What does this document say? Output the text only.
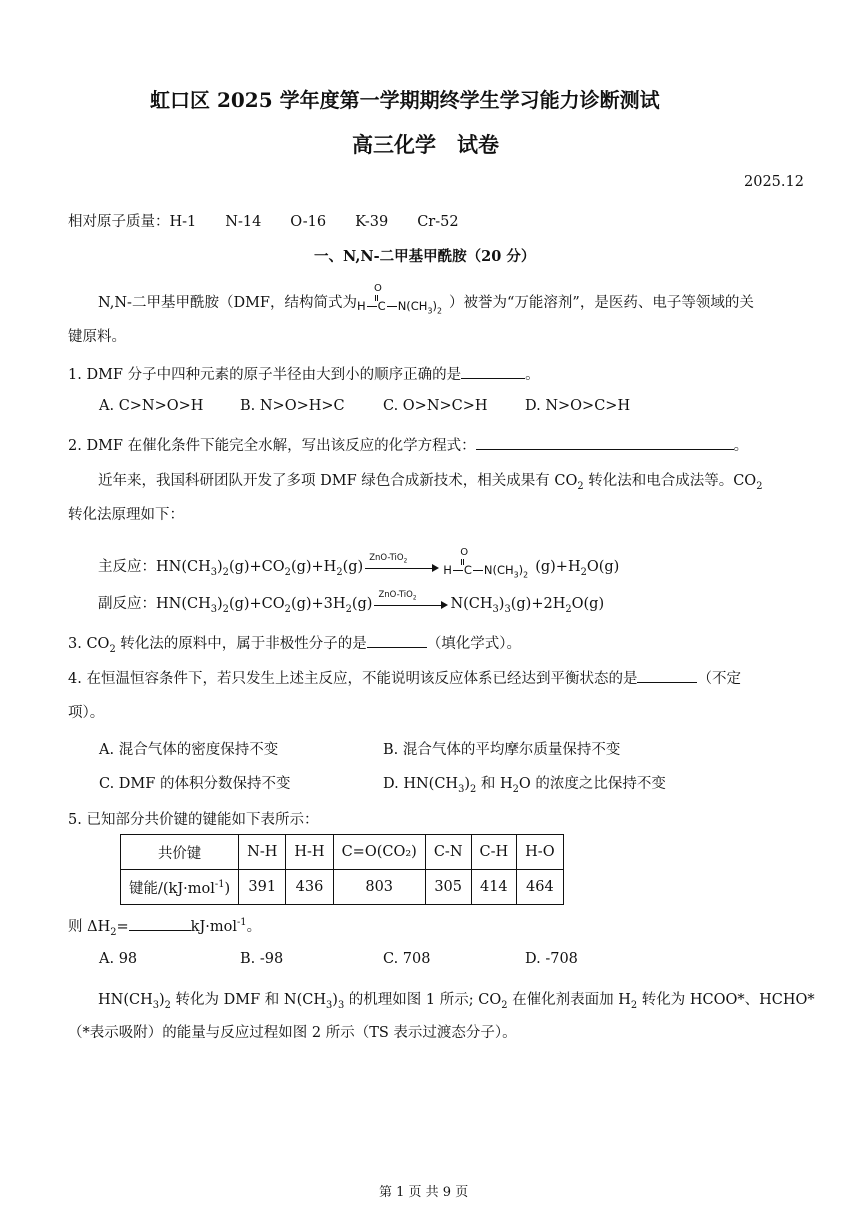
虹口区 2025 学年度第一学期期终学生学习能力诊断测试
高三化学　试卷
2025.12
相对原子质量：H-1　　N-14　　O-16　　K-39　　Cr-52
一、N,N-二甲基甲酰胺（20 分）
N,N-二甲基甲酰胺（DMF，结构简式为
O
H C $N(CH_3)_2$ ）被誉为“万能溶剂”，是医药、电子等领域的关
键原料。
1. DMF 分子中四种元素的原子半径由大到小的顺序正确的是	。
A. C>N>O>H	B. N>O>H>C	C. O>N>C>H	D. N>O>C>H
2. DMF 在催化条件下能完全水解，写出该反应的化学方程式：	。
近年来，我国科研团队开发了多项 DMF 绿色合成新技术，相关成果有 $CO_2$ 转化法和电合成法等。$CO_2$
转化法原理如下：
主反应：$HN(CH_3)_2(g)+CO_2(g)+H_2(g)$
ZnO-TiO$_2$
O
H C $N(CH_3)_2$ $(g)+H_2O(g)$
副反应：$HN(CH_3)_2(g)+CO_2(g)+3H_2(g)$
ZnO-TiO$_2$ $N(CH_3)_3(g)+2H_2O(g)$
3. $CO_2$ 转化法的原料中，属于非极性分子的是	（填化学式）。
4. 在恒温恒容条件下，若只发生上述主反应，不能说明该反应体系已经达到平衡状态的是	（不定
项）。
A. 混合气体的密度保持不变	B. 混合气体的平均摩尔质量保持不变
C. DMF 的体积分数保持不变	D. $HN(CH_3)_2$ 和 $H_2O$ 的浓度之比保持不变
5. 已知部分共价键的键能如下表所示：
共价键	N-H	H-H	C=O(CO₂)	C-N	C-H	H-O
键能/(kJ·mol$^{-1}$)	391	436	803	305	414	464
则 $\Delta H_2=$	kJ·mol$^{-1}$。
A. 98	B. -98	C. 708	D. -708
$HN(CH_3)_2$ 转化为 DMF 和 $N(CH_3)_3$ 的机理如图 1 所示; $CO_2$ 在催化剂表面加 $H_2$ 转化为 HCOO*、HCHO*
（*表示吸附）的能量与反应过程如图 2 所示（TS 表示过渡态分子）。
第 1 页 共 9 页
